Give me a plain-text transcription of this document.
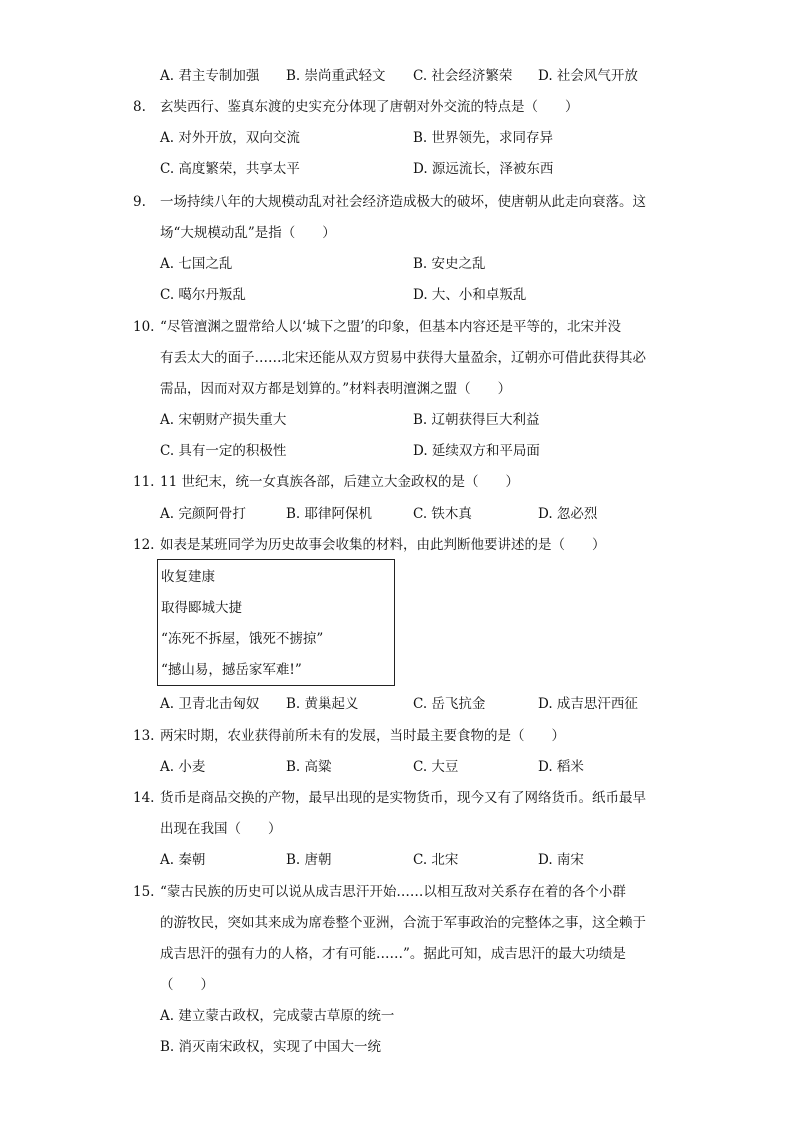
A. 君主专制加强 B. 崇尚重武轻文 C. 社会经济繁荣 D. 社会风气开放
8. 玄奘西行、鉴真东渡的史实充分体现了唐朝对外交流的特点是（　　）
A. 对外开放，双向交流	B. 世界领先，求同存异
C. 高度繁荣，共享太平	D. 源远流长，泽被东西
9. 一场持续八年的大规模动乱对社会经济造成极大的破坏，使唐朝从此走向衰落。这
场“大规模动乱”是指（　　）
A. 七国之乱	B. 安史之乱
C. 噶尔丹叛乱	D. 大、小和卓叛乱
10. “尽管澶渊之盟常给人以‘城下之盟’的印象，但基本内容还是平等的，北宋并没
有丢太大的面子……北宋还能从双方贸易中获得大量盈余，辽朝亦可借此获得其必
需品，因而对双方都是划算的。”材料表明澶渊之盟（　　）
A. 宋朝财产损失重大	B. 辽朝获得巨大利益
C. 具有一定的积极性	D. 延续双方和平局面
11. 11 世纪末，统一女真族各部，后建立大金政权的是（　　）
A. 完颜阿骨打	B. 耶律阿保机	C. 铁木真	D. 忽必烈
12. 如表是某班同学为历史故事会收集的材料，由此判断他要讲述的是（　　）
收复建康
取得郾城大捷
“冻死不拆屋，饿死不掳掠”
“撼山易，撼岳家军难!”
A. 卫青北击匈奴 B. 黄巢起义	C. 岳飞抗金	D. 成吉思汗西征
13. 两宋时期，农业获得前所未有的发展，当时最主要食物的是（　　）
A. 小麦	B. 高粱	C. 大豆	D. 稻米
14. 货币是商品交换的产物，最早出现的是实物货币，现今又有了网络货币。纸币最早
出现在我国（　　）
A. 秦朝	B. 唐朝	C. 北宋	D. 南宋
15. “蒙古民族的历史可以说从成吉思汗开始……以相互敌对关系存在着的各个小群
的游牧民，突如其来成为席卷整个亚洲，合流于军事政治的完整体之事，这全赖于
成吉思汗的强有力的人格，才有可能……”。据此可知，成吉思汗的最大功绩是
（　　）
A. 建立蒙古政权，完成蒙古草原的统一
B. 消灭南宋政权，实现了中国大一统
